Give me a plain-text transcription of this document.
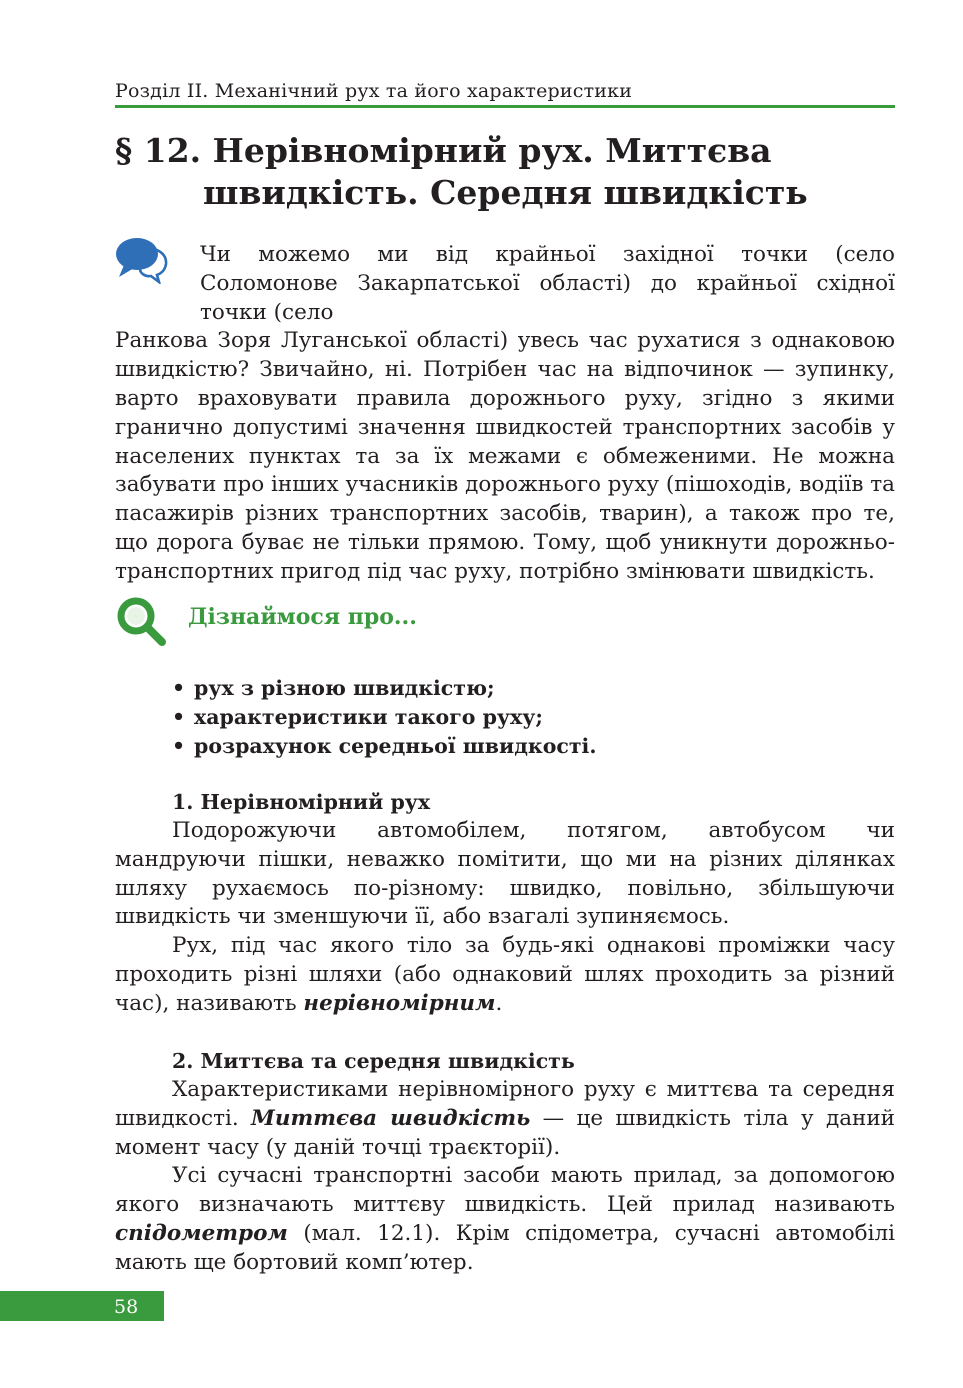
Розділ II. Механічний рух та його характеристики
§ 12. Нерівномірний рух. Миттєва
швидкість. Середня швидкість

Чи можемо ми від крайньої західної точки (село Соломонове Закарпатської області) до крайньої східної точки (село

Ранкова Зоря Луганської області) увесь час рухатися з однаковою швидкістю? Звичайно, ні. Потрібен час на відпочинок — зупинку, варто враховувати правила дорожнього руху, згідно з якими гранично допустимі значення швидкостей транспортних засобів у населених пунктах та за їх межами є обмеженими. Не можна забувати про інших учасників дорожнього руху (пішоходів, водіїв та пасажирів різних транспортних засобів, тварин), а також про те, що дорога буває не тільки прямою. Тому, щоб уникнути дорожньо-транспортних пригод під час руху, потрібно змінювати швидкість.

Дізнаймося про...
• рух з різною швидкістю;
• характеристики такого руху;
• розрахунок середньої швидкості.
1. Нерівномірний рух

Подорожуючи автомобілем, потягом, автобусом чи мандруючи пішки, неважко помітити, що ми на різних ділянках шляху рухаємось по-різному: швидко, повільно, збільшуючи швидкість чи зменшуючи її, або взагалі зупиняємось.

Рух, під час якого тіло за будь-які однакові проміжки часу проходить різні шляхи (або однаковий шлях проходить за різний час), називають нерівномірним.

2. Миттєва та середня швидкість

Характеристиками нерівномірного руху є миттєва та середня швидкості. Миттєва швидкість — це швидкість тіла у даний момент часу (у даній точці траєкторії).

Усі сучасні транспортні засоби мають прилад, за допомогою якого визначають миттєву швидкість. Цей прилад називають спідометром (мал. 12.1). Крім спідометра, сучасні автомобілі мають ще бортовий комп’ютер.

58
